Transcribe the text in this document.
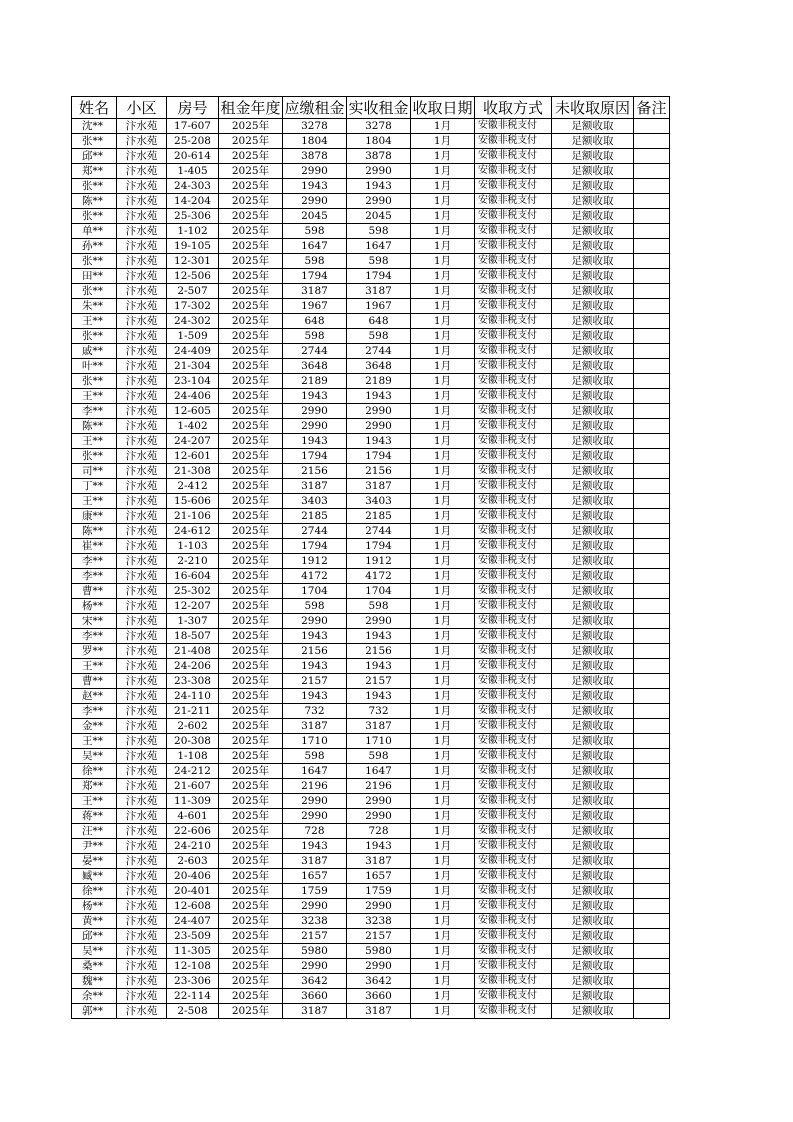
姓名	小区	房号	租金年度	应缴租金	实收租金	收取日期	收取方式	未收取原因	备注
沈**	汴水苑	17-607	2025年	3278	3278	1月	安徽非税支付	足额收取	
张**	汴水苑	25-208	2025年	1804	1804	1月	安徽非税支付	足额收取	
邱**	汴水苑	20-614	2025年	3878	3878	1月	安徽非税支付	足额收取	
郑**	汴水苑	1-405	2025年	2990	2990	1月	安徽非税支付	足额收取	
张**	汴水苑	24-303	2025年	1943	1943	1月	安徽非税支付	足额收取	
陈**	汴水苑	14-204	2025年	2990	2990	1月	安徽非税支付	足额收取	
张**	汴水苑	25-306	2025年	2045	2045	1月	安徽非税支付	足额收取	
单**	汴水苑	1-102	2025年	598	598	1月	安徽非税支付	足额收取	
孙**	汴水苑	19-105	2025年	1647	1647	1月	安徽非税支付	足额收取	
张**	汴水苑	12-301	2025年	598	598	1月	安徽非税支付	足额收取	
田**	汴水苑	12-506	2025年	1794	1794	1月	安徽非税支付	足额收取	
张**	汴水苑	2-507	2025年	3187	3187	1月	安徽非税支付	足额收取	
朱**	汴水苑	17-302	2025年	1967	1967	1月	安徽非税支付	足额收取	
王**	汴水苑	24-302	2025年	648	648	1月	安徽非税支付	足额收取	
张**	汴水苑	1-509	2025年	598	598	1月	安徽非税支付	足额收取	
戚**	汴水苑	24-409	2025年	2744	2744	1月	安徽非税支付	足额收取	
叶**	汴水苑	21-304	2025年	3648	3648	1月	安徽非税支付	足额收取	
张**	汴水苑	23-104	2025年	2189	2189	1月	安徽非税支付	足额收取	
王**	汴水苑	24-406	2025年	1943	1943	1月	安徽非税支付	足额收取	
李**	汴水苑	12-605	2025年	2990	2990	1月	安徽非税支付	足额收取	
陈**	汴水苑	1-402	2025年	2990	2990	1月	安徽非税支付	足额收取	
王**	汴水苑	24-207	2025年	1943	1943	1月	安徽非税支付	足额收取	
张**	汴水苑	12-601	2025年	1794	1794	1月	安徽非税支付	足额收取	
司**	汴水苑	21-308	2025年	2156	2156	1月	安徽非税支付	足额收取	
丁**	汴水苑	2-412	2025年	3187	3187	1月	安徽非税支付	足额收取	
王**	汴水苑	15-606	2025年	3403	3403	1月	安徽非税支付	足额收取	
康**	汴水苑	21-106	2025年	2185	2185	1月	安徽非税支付	足额收取	
陈**	汴水苑	24-612	2025年	2744	2744	1月	安徽非税支付	足额收取	
崔**	汴水苑	1-103	2025年	1794	1794	1月	安徽非税支付	足额收取	
李**	汴水苑	2-210	2025年	1912	1912	1月	安徽非税支付	足额收取	
李**	汴水苑	16-604	2025年	4172	4172	1月	安徽非税支付	足额收取	
曹**	汴水苑	25-302	2025年	1704	1704	1月	安徽非税支付	足额收取	
杨**	汴水苑	12-207	2025年	598	598	1月	安徽非税支付	足额收取	
宋**	汴水苑	1-307	2025年	2990	2990	1月	安徽非税支付	足额收取	
李**	汴水苑	18-507	2025年	1943	1943	1月	安徽非税支付	足额收取	
罗**	汴水苑	21-408	2025年	2156	2156	1月	安徽非税支付	足额收取	
王**	汴水苑	24-206	2025年	1943	1943	1月	安徽非税支付	足额收取	
曹**	汴水苑	23-308	2025年	2157	2157	1月	安徽非税支付	足额收取	
赵**	汴水苑	24-110	2025年	1943	1943	1月	安徽非税支付	足额收取	
李**	汴水苑	21-211	2025年	732	732	1月	安徽非税支付	足额收取	
金**	汴水苑	2-602	2025年	3187	3187	1月	安徽非税支付	足额收取	
王**	汴水苑	20-308	2025年	1710	1710	1月	安徽非税支付	足额收取	
吴**	汴水苑	1-108	2025年	598	598	1月	安徽非税支付	足额收取	
徐**	汴水苑	24-212	2025年	1647	1647	1月	安徽非税支付	足额收取	
郑**	汴水苑	21-607	2025年	2196	2196	1月	安徽非税支付	足额收取	
王**	汴水苑	11-309	2025年	2990	2990	1月	安徽非税支付	足额收取	
蒋**	汴水苑	4-601	2025年	2990	2990	1月	安徽非税支付	足额收取	
汪**	汴水苑	22-606	2025年	728	728	1月	安徽非税支付	足额收取	
尹**	汴水苑	24-210	2025年	1943	1943	1月	安徽非税支付	足额收取	
晏**	汴水苑	2-603	2025年	3187	3187	1月	安徽非税支付	足额收取	
臧**	汴水苑	20-406	2025年	1657	1657	1月	安徽非税支付	足额收取	
徐**	汴水苑	20-401	2025年	1759	1759	1月	安徽非税支付	足额收取	
杨**	汴水苑	12-608	2025年	2990	2990	1月	安徽非税支付	足额收取	
黄**	汴水苑	24-407	2025年	3238	3238	1月	安徽非税支付	足额收取	
邱**	汴水苑	23-509	2025年	2157	2157	1月	安徽非税支付	足额收取	
吴**	汴水苑	11-305	2025年	5980	5980	1月	安徽非税支付	足额收取	
桑**	汴水苑	12-108	2025年	2990	2990	1月	安徽非税支付	足额收取	
魏**	汴水苑	23-306	2025年	3642	3642	1月	安徽非税支付	足额收取	
余**	汴水苑	22-114	2025年	3660	3660	1月	安徽非税支付	足额收取	
郭**	汴水苑	2-508	2025年	3187	3187	1月	安徽非税支付	足额收取	
